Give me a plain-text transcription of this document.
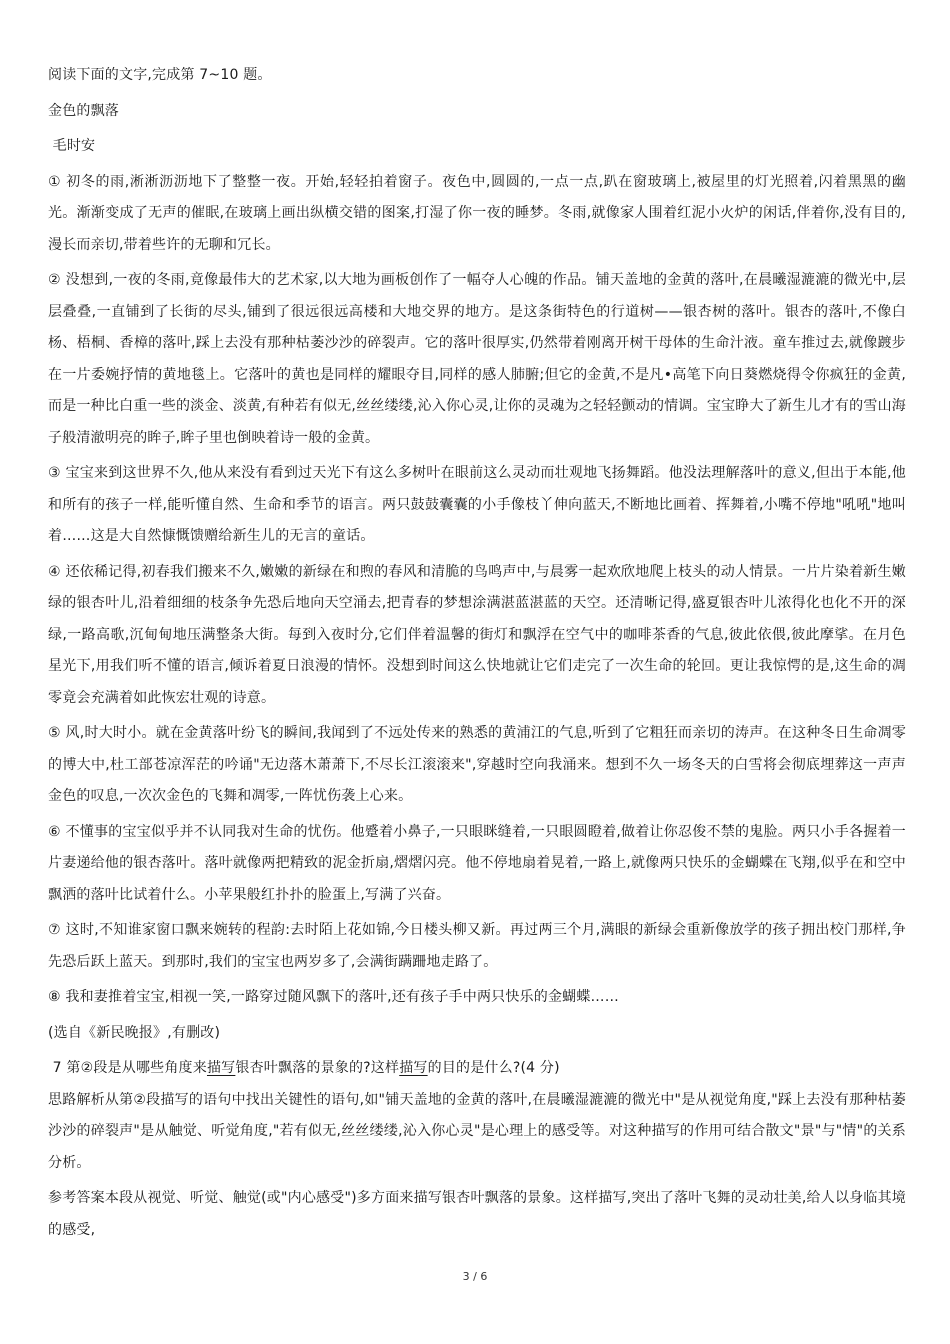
阅读下面的文字,完成第 7~10 题。

金色的飘落

毛时安

① 初冬的雨,淅淅沥沥地下了整整一夜。开始,轻轻拍着窗子。夜色中,圆圆的,一点一点,趴在窗玻璃上,被屋里的灯光照着,闪着黑黑的幽光。渐渐变成了无声的催眠,在玻璃上画出纵横交错的图案,打湿了你一夜的睡梦。冬雨,就像家人围着红泥小火炉的闲话,伴着你,没有目的,漫长而亲切,带着些许的无聊和冗长。

② 没想到,一夜的冬雨,竟像最伟大的艺术家,以大地为画板创作了一幅夺人心魄的作品。铺天盖地的金黄的落叶,在晨曦湿漉漉的微光中,层层叠叠,一直铺到了长街的尽头,铺到了很远很远高楼和大地交界的地方。是这条街特色的行道树——银杏树的落叶。银杏的落叶,不像白杨、梧桐、香樟的落叶,踩上去没有那种枯萎沙沙的碎裂声。它的落叶很厚实,仍然带着刚离开树干母体的生命汁液。童车推过去,就像踱步在一片委婉抒情的黄地毯上。它落叶的黄也是同样的耀眼夺目,同样的感人肺腑;但它的金黄,不是凡•高笔下向日葵燃烧得令你疯狂的金黄,而是一种比白重一些的淡金、淡黄,有种若有似无,丝丝缕缕,沁入你心灵,让你的灵魂为之轻轻颤动的情调。宝宝睁大了新生儿才有的雪山海子般清澈明亮的眸子,眸子里也倒映着诗一般的金黄。

③ 宝宝来到这世界不久,他从来没有看到过天光下有这么多树叶在眼前这么灵动而壮观地飞扬舞蹈。他没法理解落叶的意义,但出于本能,他和所有的孩子一样,能听懂自然、生命和季节的语言。两只鼓鼓囊囊的小手像枝丫伸向蓝天,不断地比画着、挥舞着,小嘴不停地"吼吼"地叫着……这是大自然慷慨馈赠给新生儿的无言的童话。

④ 还依稀记得,初春我们搬来不久,嫩嫩的新绿在和煦的春风和清脆的鸟鸣声中,与晨雾一起欢欣地爬上枝头的动人情景。一片片染着新生嫩绿的银杏叶儿,沿着细细的枝条争先恐后地向天空涌去,把青春的梦想涂满湛蓝湛蓝的天空。还清晰记得,盛夏银杏叶儿浓得化也化不开的深绿,一路高歌,沉甸甸地压满整条大街。每到入夜时分,它们伴着温馨的街灯和飘浮在空气中的咖啡茶香的气息,彼此依偎,彼此摩挲。在月色星光下,用我们听不懂的语言,倾诉着夏日浪漫的情怀。没想到时间这么快地就让它们走完了一次生命的轮回。更让我惊愕的是,这生命的凋零竟会充满着如此恢宏壮观的诗意。

⑤ 风,时大时小。就在金黄落叶纷飞的瞬间,我闻到了不远处传来的熟悉的黄浦江的气息,听到了它粗狂而亲切的涛声。在这种冬日生命凋零的博大中,杜工部苍凉浑茫的吟诵"无边落木萧萧下,不尽长江滚滚来",穿越时空向我涌来。想到不久一场冬天的白雪将会彻底埋葬这一声声金色的叹息,一次次金色的飞舞和凋零,一阵忧伤袭上心来。

⑥ 不懂事的宝宝似乎并不认同我对生命的忧伤。他蹙着小鼻子,一只眼眯缝着,一只眼圆瞪着,做着让你忍俊不禁的鬼脸。两只小手各握着一片妻递给他的银杏落叶。落叶就像两把精致的泥金折扇,熠熠闪亮。他不停地扇着晃着,一路上,就像两只快乐的金蝴蝶在飞翔,似乎在和空中飘洒的落叶比试着什么。小苹果般红扑扑的脸蛋上,写满了兴奋。

⑦ 这时,不知谁家窗口飘来婉转的程韵:去时陌上花如锦,今日楼头柳又新。再过两三个月,满眼的新绿会重新像放学的孩子拥出校门那样,争先恐后跃上蓝天。到那时,我们的宝宝也两岁多了,会满街蹒跚地走路了。

⑧ 我和妻推着宝宝,相视一笑,一路穿过随风飘下的落叶,还有孩子手中两只快乐的金蝴蝶……

(选自《新民晚报》,有删改)

7 第②段是从哪些角度来描写银杏叶飘落的景象的?这样描写的目的是什么?(4 分)

思路解析从第②段描写的语句中找出关键性的语句,如"铺天盖地的金黄的落叶,在晨曦湿漉漉的微光中"是从视觉角度,"踩上去没有那种枯萎沙沙的碎裂声"是从触觉、听觉角度,"若有似无,丝丝缕缕,沁入你心灵"是心理上的感受等。对这种描写的作用可结合散文"景"与"情"的关系分析。

参考答案本段从视觉、听觉、触觉(或"内心感受")多方面来描写银杏叶飘落的景象。这样描写,突出了落叶飞舞的灵动壮美,给人以身临其境的感受,

3 / 6
